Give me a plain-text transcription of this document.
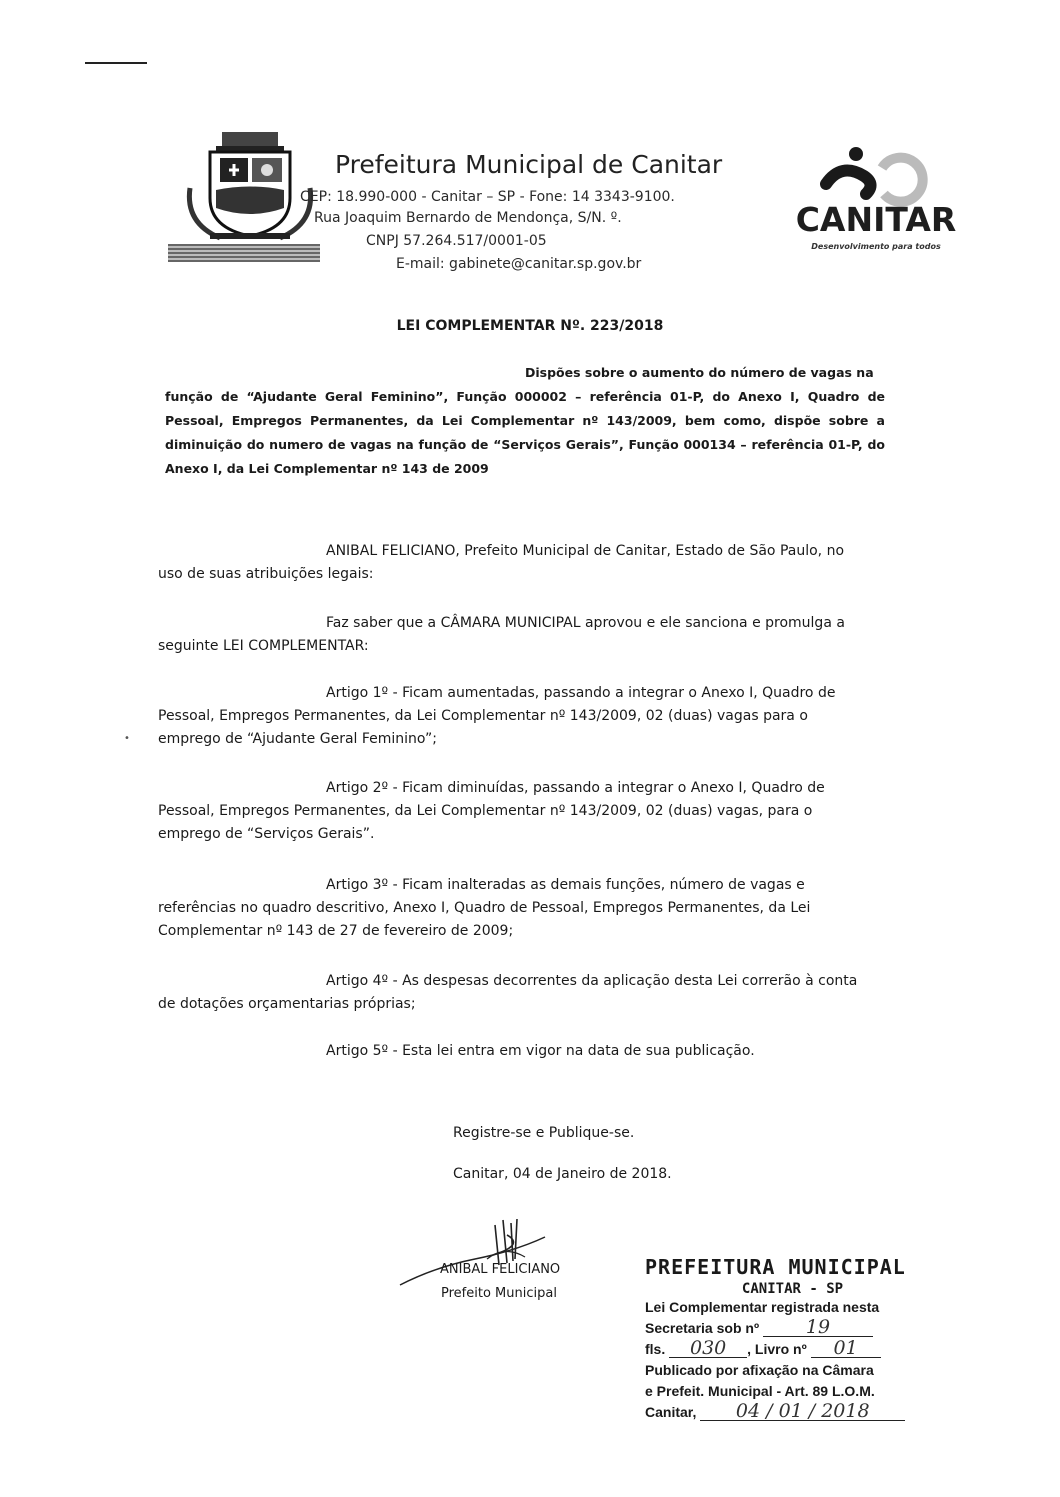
Prefeitura Municipal de Canitar
CEP: 18.990-000 - Canitar – SP - Fone: 14 3343-9100.
Rua Joaquim Bernardo de Mendonça, S/N. º.
CNPJ 57.264.517/0001-05
E-mail: gabinete@canitar.sp.gov.br
CANITAR
Desenvolvimento para todos
LEI COMPLEMENTAR Nº. 223/2018
Dispões sobre o aumento do número de vagas na função de “Ajudante Geral Feminino”, Função 000002 – referência 01-P, do Anexo I, Quadro de Pessoal, Empregos Permanentes, da Lei Complementar nº 143/2009, bem como, dispõe sobre a diminuição do numero de vagas na função de “Serviços Gerais”, Função 000134 – referência 01-P, do Anexo I, da Lei Complementar nº 143 de 2009
ANIBAL FELICIANO, Prefeito Municipal de Canitar, Estado de São Paulo, no uso de suas atribuições legais:
Faz saber que a CÂMARA MUNICIPAL aprovou e ele sanciona e promulga a seguinte LEI COMPLEMENTAR:
Artigo 1º - Ficam aumentadas, passando a integrar o Anexo I, Quadro de Pessoal, Empregos Permanentes, da Lei Complementar nº 143/2009, 02 (duas) vagas para o emprego de “Ajudante Geral Feminino”;
•
Artigo 2º - Ficam diminuídas, passando a integrar o Anexo I, Quadro de Pessoal, Empregos Permanentes, da Lei Complementar nº 143/2009, 02 (duas) vagas, para o emprego de “Serviços Gerais”.
Artigo 3º - Ficam inalteradas as demais funções, número de vagas e referências no quadro descritivo, Anexo I, Quadro de Pessoal, Empregos Permanentes, da Lei Complementar nº 143 de 27 de fevereiro de 2009;
Artigo 4º - As despesas decorrentes da aplicação desta Lei correrão à conta de dotações orçamentarias próprias;
Artigo 5º - Esta lei entra em vigor na data de sua publicação.
Registre-se e Publique-se.
Canitar, 04 de Janeiro de 2018.
ANIBAL FELICIANO
Prefeito Municipal
PREFEITURA MUNICIPAL
CANITAR - SP
Lei Complementar registrada nesta
Secretaria sob nº 19
fls. 030 , Livro nº 01
Publicado por afixação na Câmara
e Prefeit. Municipal - Art. 89 L.O.M.
Canitar, 04 / 01 / 2018
